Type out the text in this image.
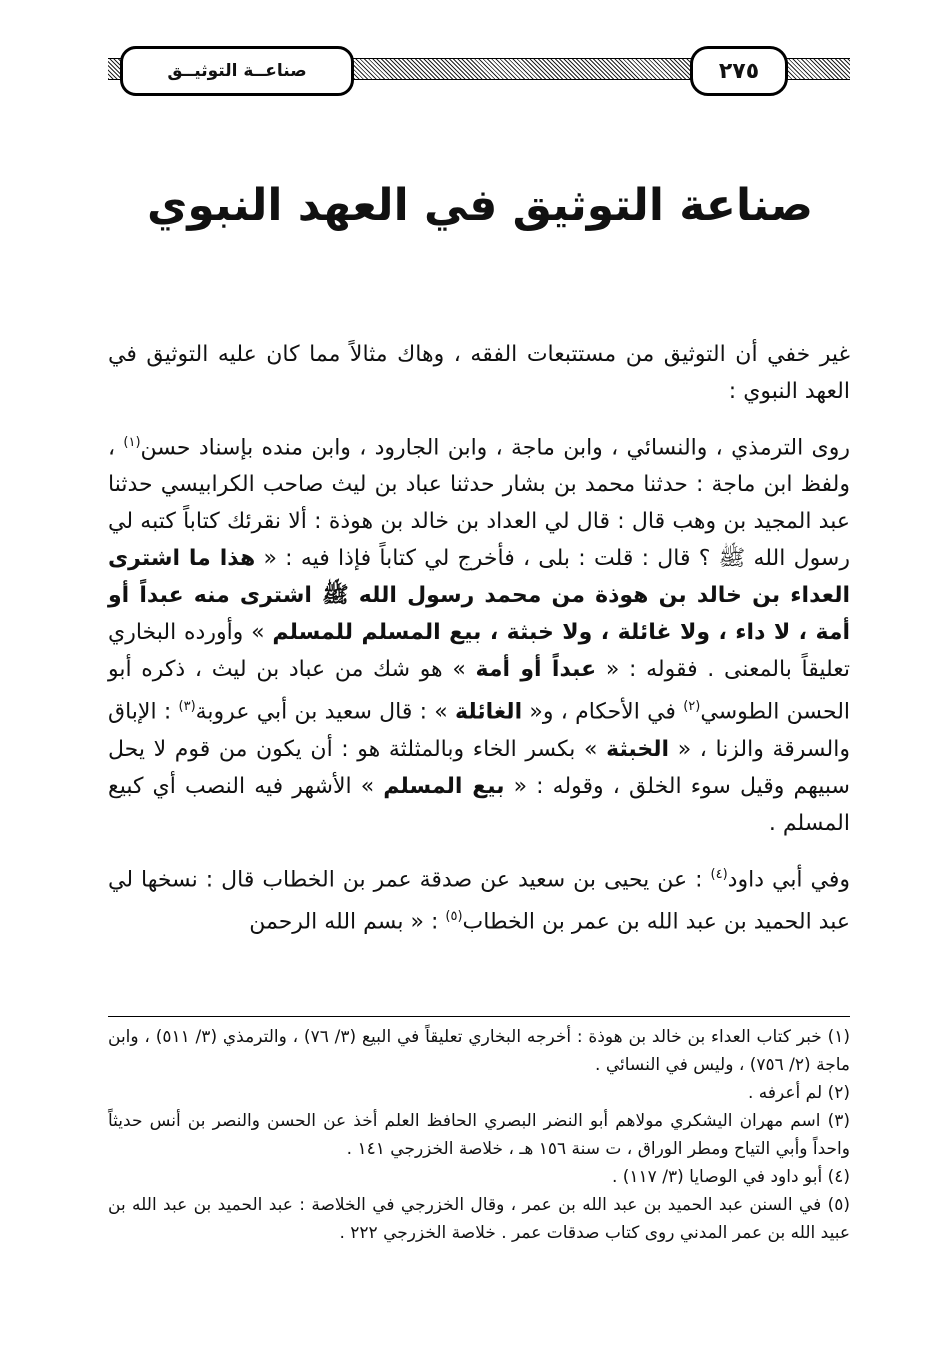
٢٧٥
صناعــة التوثيــق
صناعة التوثيق في العهد النبوي

غير خفي أن التوثيق من مستتبعات الفقه ، وهاك مثالاً مما كان عليه التوثيق في العهد النبوي :

روى الترمذي ، والنسائي ، وابن ماجة ، وابن الجارود ، وابن منده بإسناد حسن$^{(١)}$ ، ولفظ ابن ماجة : حدثنا محمد بن بشار حدثنا عباد بن ليث صاحب الكرابيسي حدثنا عبد المجيد بن وهب قال : قال لي العداد بن خالد بن هوذة : ألا نقرئك كتاباً كتبه لي رسول الله ﷺ ؟ قال : قلت : بلى ، فأخرج لي كتاباً فإذا فيه : « هذا ما اشترى العداء بن خالد بن هوذة من محمد رسول الله ﷺ اشترى منه عبداً أو أمة ، لا داء ، ولا غائلة ، ولا خبثة ، بيع المسلم للمسلم » وأورده البخاري تعليقاً بالمعنى . فقوله : « عبداً أو أمة » هو شك من عباد بن ليث ، ذكره أبو الحسن الطوسي$^{(٢)}$ في الأحكام ، و« الغائلة » : قال سعيد بن أبي عروبة$^{(٣)}$ : الإباق والسرقة والزنا ، « الخبثة » بكسر الخاء وبالمثلثة هو : أن يكون من قوم لا يحل سبيهم وقيل سوء الخلق ، وقوله : « بيع المسلم » الأشهر فيه النصب أي كبيع المسلم .

وفي أبي داود$^{(٤)}$ : عن يحيى بن سعيد عن صدقة عمر بن الخطاب قال : نسخها لي عبد الحميد بن عبد الله بن عمر بن الخطاب$^{(٥)}$ : « بسم الله الرحمن

(١) خبر كتاب العداء بن خالد بن هوذة : أخرجه البخاري تعليقاً في البيع (٣/ ٧٦) ، والترمذي (٣/ ٥١١) ، وابن ماجة (٢/ ٧٥٦) ، وليس في النسائي .

(٢) لم أعرفه .

(٣) اسم مهران اليشكري مولاهم أبو النضر البصري الحافظ العلم أخذ عن الحسن والنصر بن أنس حديثاً واحداً وأبي التياح ومطر الوراق ، ت سنة ١٥٦ هـ ، خلاصة الخزرجي ١٤١ .

(٤) أبو داود في الوصايا (٣/ ١١٧) .

(٥) في السنن عبد الحميد بن عبد الله بن عمر ، وقال الخزرجي في الخلاصة : عبد الحميد بن عبد الله بن عبيد الله بن عمر المدني روى كتاب صدقات عمر . خلاصة الخزرجي ٢٢٢ .
